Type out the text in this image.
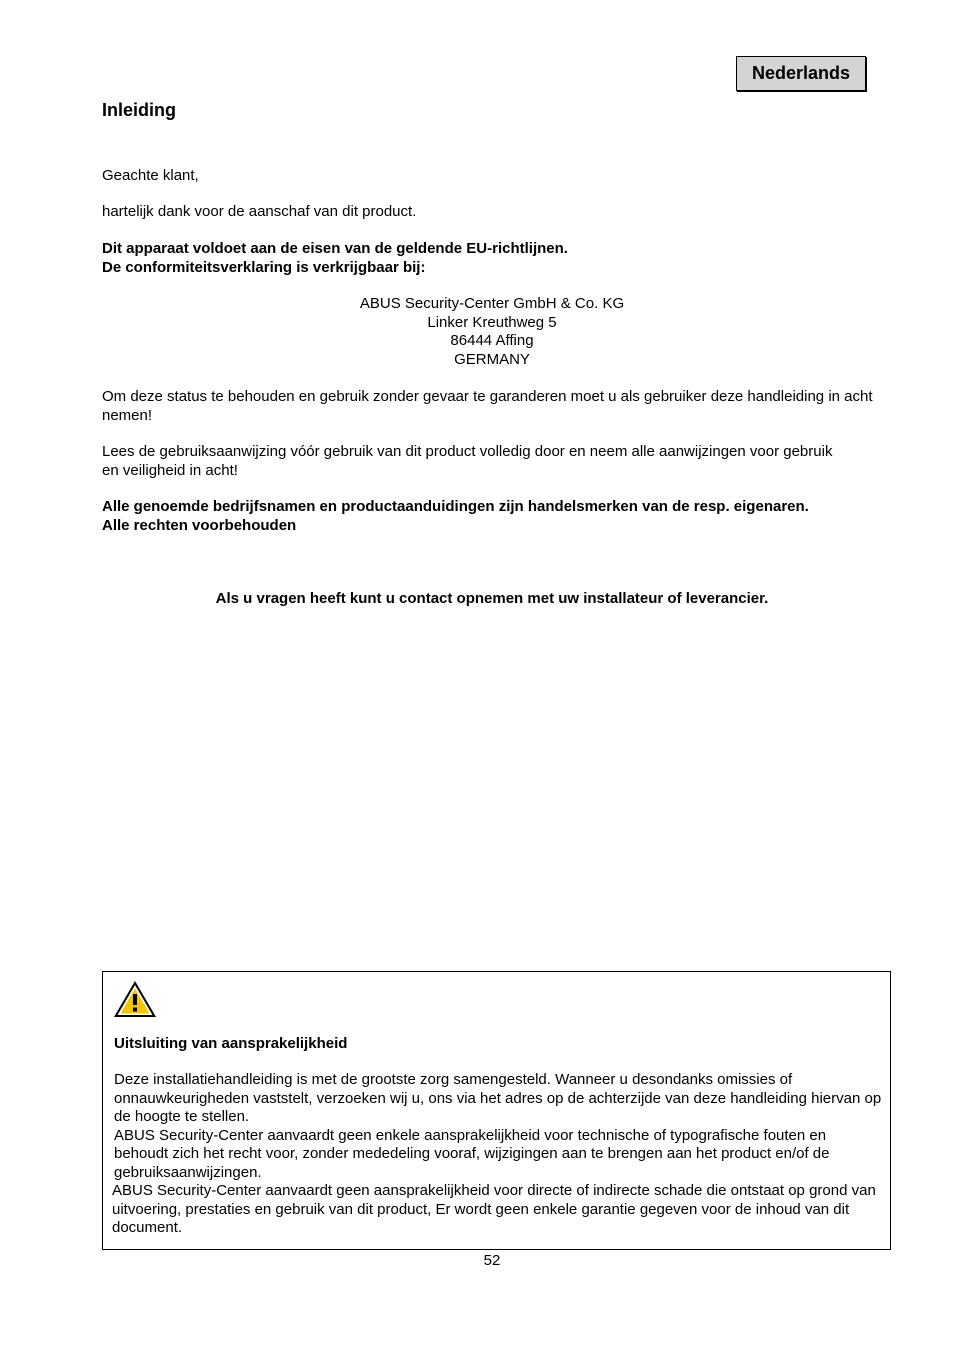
Nederlands
Inleiding
Geachte klant,
hartelijk dank voor de aanschaf van dit product.
Dit apparaat voldoet aan de eisen van de geldende EU-richtlijnen.
De conformiteitsverklaring is verkrijgbaar bij:
ABUS Security-Center GmbH & Co. KG
Linker Kreuthweg 5
86444 Affing
GERMANY
Om deze status te behouden en gebruik zonder gevaar te garanderen moet u als gebruiker deze handleiding in acht nemen!
Lees de gebruiksaanwijzing vóór gebruik van dit product volledig door en neem alle aanwijzingen voor gebruik en veiligheid in acht!
Alle genoemde bedrijfsnamen en productaanduidingen zijn handelsmerken van de resp. eigenaren.
Alle rechten voorbehouden
Als u vragen heeft kunt u contact opnemen met uw installateur of leverancier.
Uitsluiting van aansprakelijkheid

Deze installatiehandleiding is met de grootste zorg samengesteld. Wanneer u desondanks omissies of onnauwkeurigheden vaststelt, verzoeken wij u, ons via het adres op de achterzijde van deze handleiding hiervan op de hoogte te stellen.

ABUS Security-Center aanvaardt geen enkele aansprakelijkheid voor technische of typografische fouten en behoudt zich het recht voor, zonder mededeling vooraf, wijzigingen aan te brengen aan het product en/of de gebruiksaanwijzingen.

ABUS Security-Center aanvaardt geen aansprakelijkheid voor directe of indirecte schade die ontstaat op grond van uitvoering, prestaties en gebruik van dit product, Er wordt geen enkele garantie gegeven voor de inhoud van dit document.

52
